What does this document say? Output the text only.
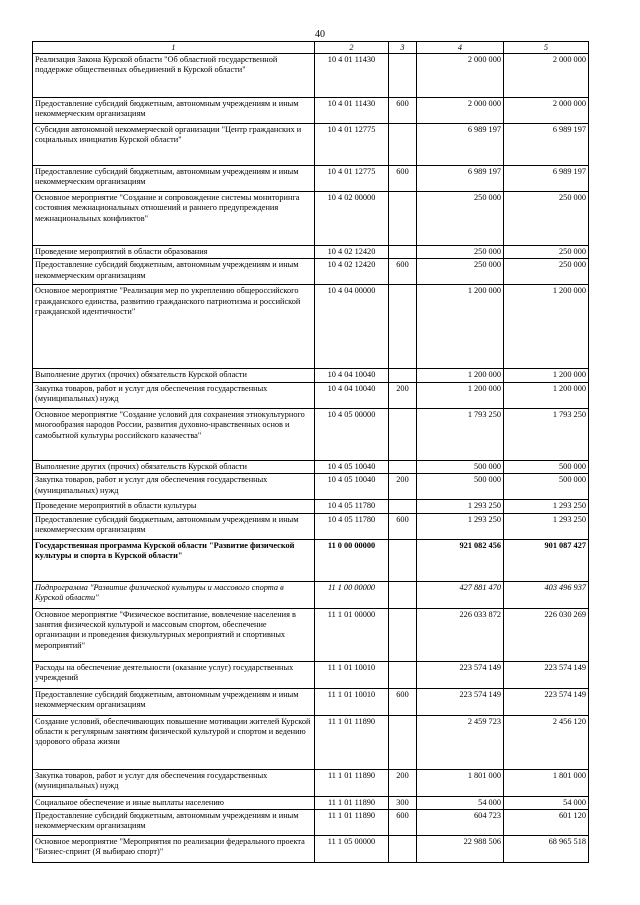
40
1	2	3	4	5
Реализация Закона Курской области "Об областной государственной поддержке общественных объединений в Курской области"	10 4 01 11430		2 000 000	2 000 000
Предоставление субсидий бюджетным, автономным учреждениям и иным некоммерческим организациям	10 4 01 11430	600	2 000 000	2 000 000
Субсидия автономной некоммерческой организации "Центр гражданских и социальных инициатив Курской области"	10 4 01 12775		6 989 197	6 989 197
Предоставление субсидий бюджетным, автономным учреждениям и иным некоммерческим организациям	10 4 01 12775	600	6 989 197	6 989 197
Основное мероприятие "Создание и сопровождение системы мониторинга состояния межнациональных отношений и раннего предупреждения межнациональных конфликтов"	10 4 02 00000		250 000	250 000
Проведение мероприятий в области образования	10 4 02 12420		250 000	250 000
Предоставление субсидий бюджетным, автономным учреждениям и иным некоммерческим организациям	10 4 02 12420	600	250 000	250 000
Основное мероприятие "Реализация мер по укреплению общероссийского гражданского единства, развитию гражданского патриотизма и российской гражданской идентичности"	10 4 04 00000		1 200 000	1 200 000
Выполнение других (прочих) обязательств Курской области	10 4 04 10040		1 200 000	1 200 000
Закупка товаров, работ и услуг для обеспечения государственных (муниципальных) нужд	10 4 04 10040	200	1 200 000	1 200 000
Основное мероприятие "Создание условий для сохранения этнокультурного многообразия народов России, развития духовно-нравственных основ и самобытной культуры российского казачества"	10 4 05 00000		1 793 250	1 793 250
Выполнение других (прочих) обязательств Курской области	10 4 05 10040		500 000	500 000
Закупка товаров, работ и услуг для обеспечения государственных (муниципальных) нужд	10 4 05 10040	200	500 000	500 000
Проведение мероприятий в области культуры	10 4 05 11780		1 293 250	1 293 250
Предоставление субсидий бюджетным, автономным учреждениям и иным некоммерческим организациям	10 4 05 11780	600	1 293 250	1 293 250
Государственная программа Курской области "Развитие физической культуры и спорта в Курской области"	11 0 00 00000		921 082 456	901 087 427
Подпрограмма "Развитие физической культуры и массового спорта в Курской области"	11 1 00 00000		427 881 470	403 496 937
Основное мероприятие "Физическое воспитание, вовлечение населения в занятия физической культурой и массовым спортом, обеспечение организации и проведения физкультурных мероприятий и спортивных мероприятий"	11 1 01 00000		226 033 872	226 030 269
Расходы на обеспечение деятельности (оказание услуг) государственных учреждений	11 1 01 10010		223 574 149	223 574 149
Предоставление субсидий бюджетным, автономным учреждениям и иным некоммерческим организациям	11 1 01 10010	600	223 574 149	223 574 149
Создание условий, обеспечивающих повышение мотивации жителей Курской области к регулярным занятиям физической культурой и спортом и ведению здорового образа жизни	11 1 01 11890		2 459 723	2 456 120
Закупка товаров, работ и услуг для обеспечения государственных (муниципальных) нужд	11 1 01 11890	200	1 801 000	1 801 000
Социальное обеспечение и иные выплаты населению	11 1 01 11890	300	54 000	54 000
Предоставление субсидий бюджетным, автономным учреждениям и иным некоммерческим организациям	11 1 01 11890	600	604 723	601 120
Основное мероприятие "Мероприятия по реализации федерального проекта "Бизнес-спринт (Я выбираю спорт)"	11 1 05 00000		22 988 506	68 965 518
